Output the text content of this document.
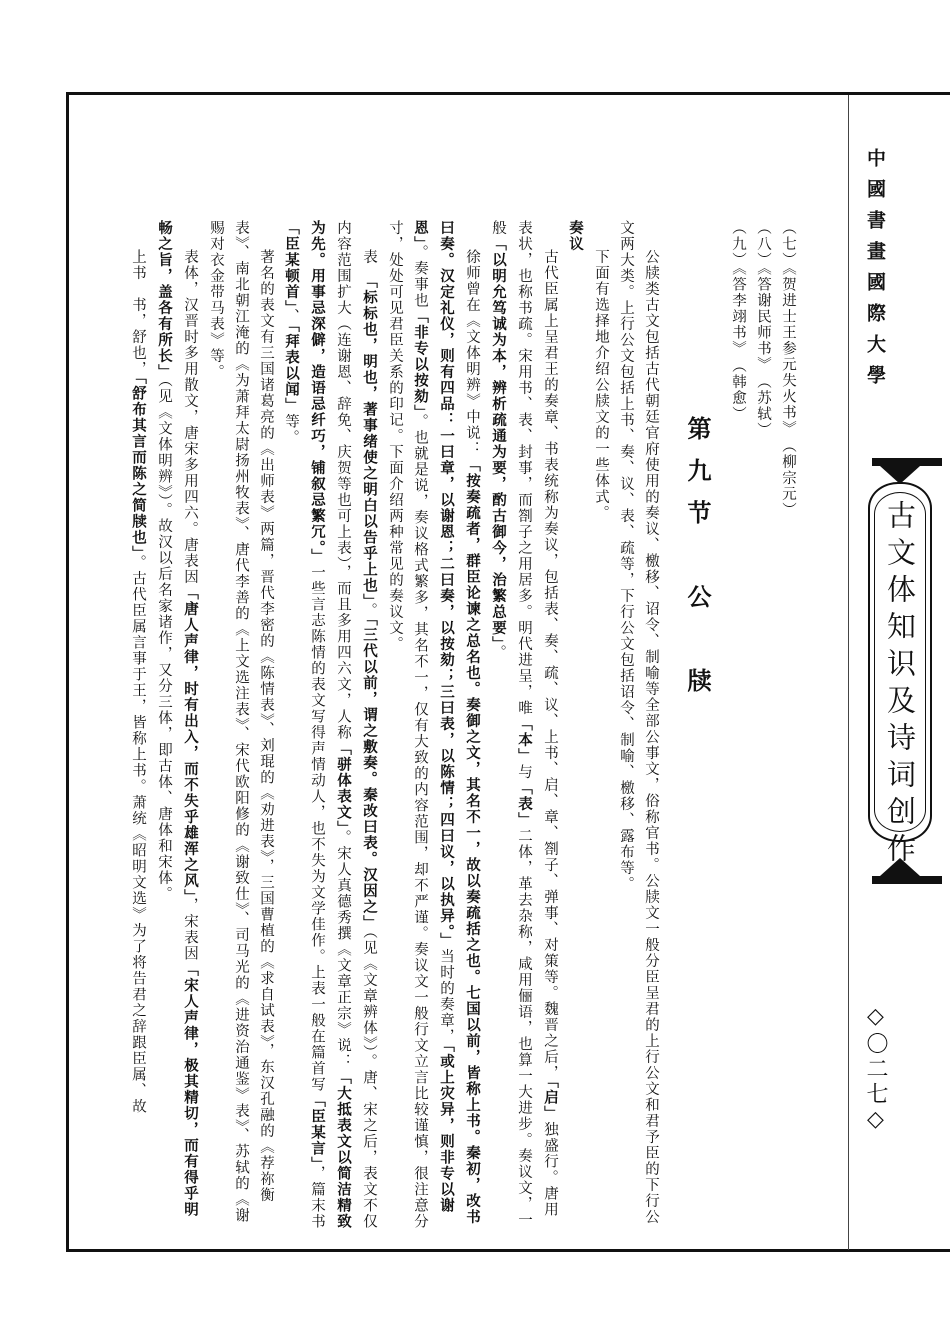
中國書畫國際大學
古文体知识及诗词创作
◇〇二七◇

（七）《贺进士王参元失火书》　（柳宗元）

（八）《答谢民师书》　（苏轼）

（九）《答李翊书》　（韩愈）

第九节　公　牍

公牍类古文包括古代朝廷官府使用的奏议、檄移、诏令、制喻等全部公事文，俗称官书。公牍文一般分臣呈君的上行公文和君予臣的下行公文两大类。上行公文包括上书、奏、议、表、疏等，下行公文包括诏令、制喻、檄移、露布等。

下面有选择地介绍公牍文的一些体式。

奏议

古代臣属上呈君王的奏章、书表统称为奏议，包括表、奏、疏、议、上书、启、章、劄子、弹事、对策等。魏晋之后，「启」独盛行。唐用表状，也称书疏。宋用书、表、封事，而劄子之用居多。明代进呈，唯「本」与「表」二体，革去杂称，咸用俪语，也算一大进步。奏议文，一般「以明允笃诚为本，辨析疏通为要，酌古御今，治繁总要」。

徐师曾在《文体明辨》中说：「按奏疏者，群臣论谏之总名也。奏御之文，其名不一，故以奏疏括之也。七国以前，皆称上书。秦初，改书曰奏。汉定礼仪，则有四品：一曰章，以谢恩；二曰奏，以按劾；三曰表，以陈情；四曰议，以执异。」当时的奏章，「或上灾异，则非专以谢恩」。奏事也「非专以按劾」。也就是说，奏议格式繁多，其名不一，仅有大致的内容范围，却不严谨。奏议文一般行文立言比较谨慎，很注意分寸，处处可见君臣关系的印记。下面介绍两种常见的奏议文。

表　「标标也，明也，著事绪使之明白以告乎上也」。「三代以前，谓之敷奏。秦改曰表。汉因之」（见《文章辨体》）。唐、宋之后，表文不仅内容范围扩大（连谢恩、辞免、庆贺等也可上表），而且多用四六文，人称「骈体表文」。宋人真德秀撰《文章正宗》说：「大抵表文以简洁精致为先。用事忌深僻，造语忌纤巧，铺叙忌繁冗。」一些言志陈情的表文写得声情动人，也不失为文学佳作。上表一般在篇首写「臣某言」，篇末书「臣某顿首」、「拜表以闻」等。

著名的表文有三国诸葛亮的《出师表》两篇，晋代李密的《陈情表》、刘琨的《劝进表》，三国曹植的《求自试表》，东汉孔融的《荐祢衡表》、南北朝江淹的《为萧拜太尉扬州牧表》、唐代李善的《上文选注表》、宋代欧阳修的《谢致仕》、司马光的《进资治通鉴》表》、苏轼的《谢赐对衣金带马表》等。

表体，汉晋时多用散文，唐宋多用四六。唐表因「唐人声律，时有出入，而不失乎雄浑之风」，宋表因「宋人声律，极其精切，而有得乎明畅之旨，盖各有所长」（见《文体明辨》）。故汉以后名家诸作，又分三体，即古体、唐体和宋体。

上书　书，舒也，「舒布其言而陈之简牍也」。古代臣属言事于王，皆称上书。萧统《昭明文选》为了将告君之辞跟臣属、故
